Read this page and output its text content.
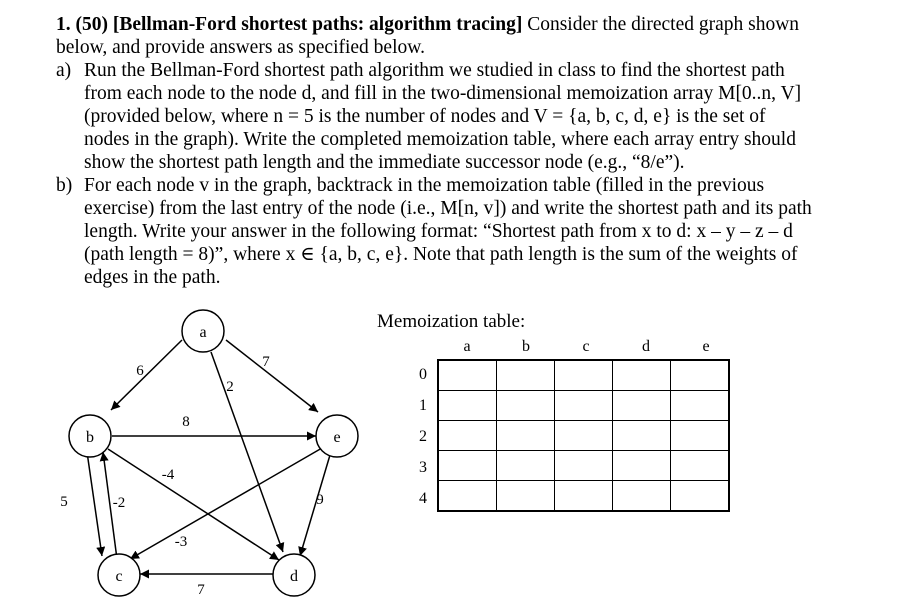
1. (50) [Bellman-Ford shortest paths: algorithm tracing] Consider the directed graph shown
below, and provide answers as specified below.
a) Run the Bellman-Ford shortest path algorithm we studied in class to find the shortest path
from each node to the node d, and fill in the two-dimensional memoization array M[0..n, V]
(provided below, where n = 5 is the number of nodes and V = {a, b, c, d, e} is the set of
nodes in the graph). Write the completed memoization table, where each array entry should
show the shortest path length and the immediate successor node (e.g., “8/e”).
b) For each node v in the graph, backtrack in the memoization table (filled in the previous
exercise) from the last entry of the node (i.e., M[n, v]) and write the shortest path and its path
length. Write your answer in the following format: “Shortest path from x to d: x – y – z – d
(path length = 8)”, where x ∈ {a, b, c, e}. Note that path length is the sum of the weights of
edges in the path.
a
b	e
c	d
6
7
2
8
5	-2
-4
-3
7
9
Memoization table:
a	b	c	d	e
0
1
2
3
4
